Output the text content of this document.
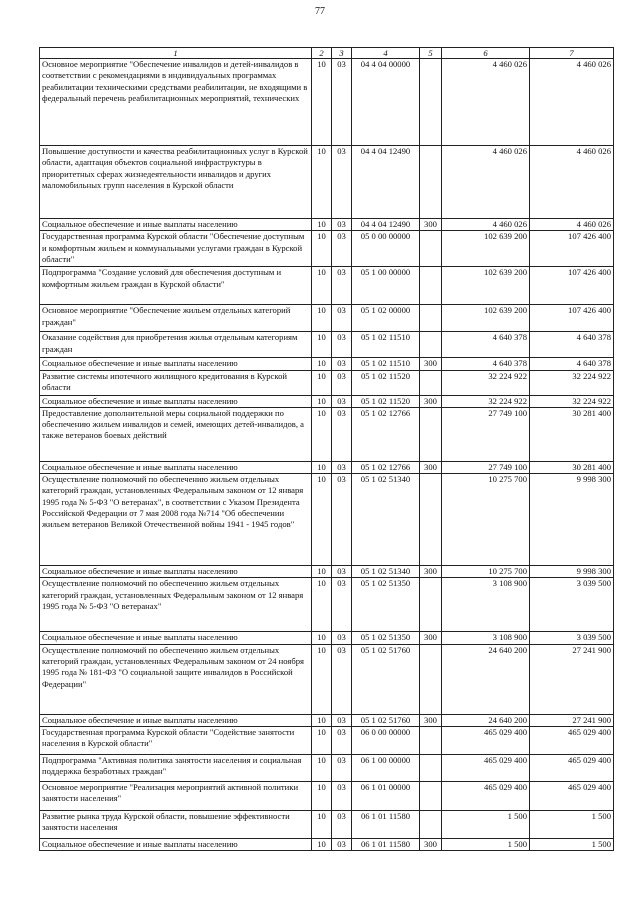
77
1	2	3	4	5	6	7
Основное мероприятие "Обеспечение инвалидов и детей-инвалидов в соответствии с рекомендациями в индивидуальных программах реабилитации техническими средствами реабилитации, не входящими в федеральный перечень реабилитационных мероприятий, технических	10	03	04 4 04 00000		4 460 026	4 460 026
Повышение доступности и качества реабилитационных услуг в Курской области, адаптация объектов социальной инфраструктуры в приоритетных сферах жизнедеятельности инвалидов и других маломобильных групп населения в Курской области	10	03	04 4 04 12490		4 460 026	4 460 026
Социальное обеспечение и иные выплаты населению	10	03	04 4 04 12490	300	4 460 026	4 460 026
Государственная программа Курской области "Обеспечение доступным и комфортным жильем и коммунальными услугами граждан в Курской области"	10	03	05 0 00 00000		102 639 200	107 426 400
Подпрограмма "Создание условий для обеспечения доступным и комфортным жильем граждан в Курской области"	10	03	05 1 00 00000		102 639 200	107 426 400
Основное мероприятие "Обеспечение жильем отдельных категорий граждан"	10	03	05 1 02 00000		102 639 200	107 426 400
Оказание содействия для приобретения жилья отдельным категориям граждан	10	03	05 1 02 11510		4 640 378	4 640 378
Социальное обеспечение и иные выплаты населению	10	03	05 1 02 11510	300	4 640 378	4 640 378
Развитие системы ипотечного жилищного кредитования в Курской области	10	03	05 1 02 11520		32 224 922	32 224 922
Социальное обеспечение и иные выплаты населению	10	03	05 1 02 11520	300	32 224 922	32 224 922
Предоставление дополнительной меры социальной поддержки по обеспечению жильем инвалидов и семей, имеющих детей-инвалидов, а также ветеранов боевых действий	10	03	05 1 02 12766		27 749 100	30 281 400
Социальное обеспечение и иные выплаты населению	10	03	05 1 02 12766	300	27 749 100	30 281 400
Осуществление полномочий по обеспечению жильем отдельных категорий граждан, установленных Федеральным законом от 12 января 1995 года № 5-ФЗ "О ветеранах", в соответствии с Указом Президента Российской Федерации от 7 мая 2008 года №714 "Об обеспечении жильем ветеранов Великой Отечественной войны 1941 - 1945 годов"	10	03	05 1 02 51340		10 275 700	9 998 300
Социальное обеспечение и иные выплаты населению	10	03	05 1 02 51340	300	10 275 700	9 998 300
Осуществление полномочий по обеспечению жильем отдельных категорий граждан, установленных Федеральным законом от 12 января 1995 года № 5-ФЗ "О ветеранах"	10	03	05 1 02 51350		3 108 900	3 039 500
Социальное обеспечение и иные выплаты населению	10	03	05 1 02 51350	300	3 108 900	3 039 500
Осуществление полномочий по обеспечению жильем отдельных категорий граждан, установленных Федеральным законом от 24 ноября 1995 года № 181-ФЗ "О социальной защите инвалидов в Российской Федерации"	10	03	05 1 02 51760		24 640 200	27 241 900
Социальное обеспечение и иные выплаты населению	10	03	05 1 02 51760	300	24 640 200	27 241 900
Государственная программа Курской области "Содействие занятости населения в Курской области"	10	03	06 0 00 00000		465 029 400	465 029 400
Подпрограмма "Активная политика занятости населения и социальная поддержка безработных граждан"	10	03	06 1 00 00000		465 029 400	465 029 400
Основное мероприятие "Реализация мероприятий активной политики занятости населения"	10	03	06 1 01 00000		465 029 400	465 029 400
Развитие рынка труда Курской области, повышение эффективности занятости населения	10	03	06 1 01 11580		1 500	1 500
Социальное обеспечение и иные выплаты населению	10	03	06 1 01 11580	300	1 500	1 500
